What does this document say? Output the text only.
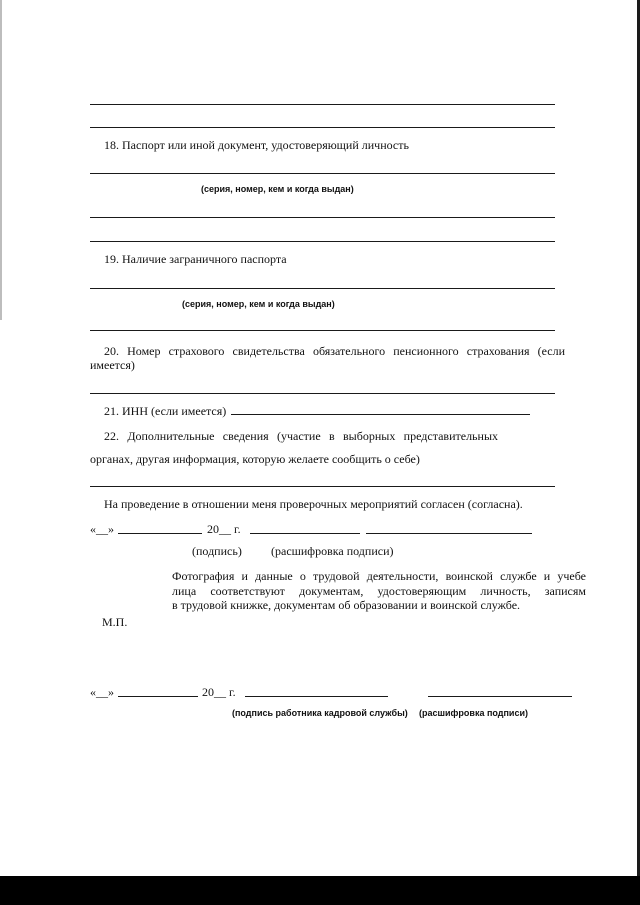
18. Паспорт или иной документ, удостоверяющий личность
(серия, номер, кем и когда выдан)
19. Наличие заграничного паспорта
(серия, номер, кем и когда выдан)
20. Номер страхового свидетельства обязательного пенсионного страхования (если
имеется)
21. ИНН (если имеется)
22. Дополнительные сведения (участие в выборных представительных
органах, другая информация, которую желаете сообщить о себе)
На проведение в отношении меня проверочных мероприятий согласен (согласна).
«__»	20__ г.
(подпись) (расшифровка подписи)
Фотография и данные о трудовой деятельности, воинской службе и учебе
лица соответствуют документам, удостоверяющим личность, записям
в трудовой книжке, документам об образовании и воинской службе.
М.П.
«__»	20__ г.
(подпись работника кадровой службы) (расшифровка подписи)
